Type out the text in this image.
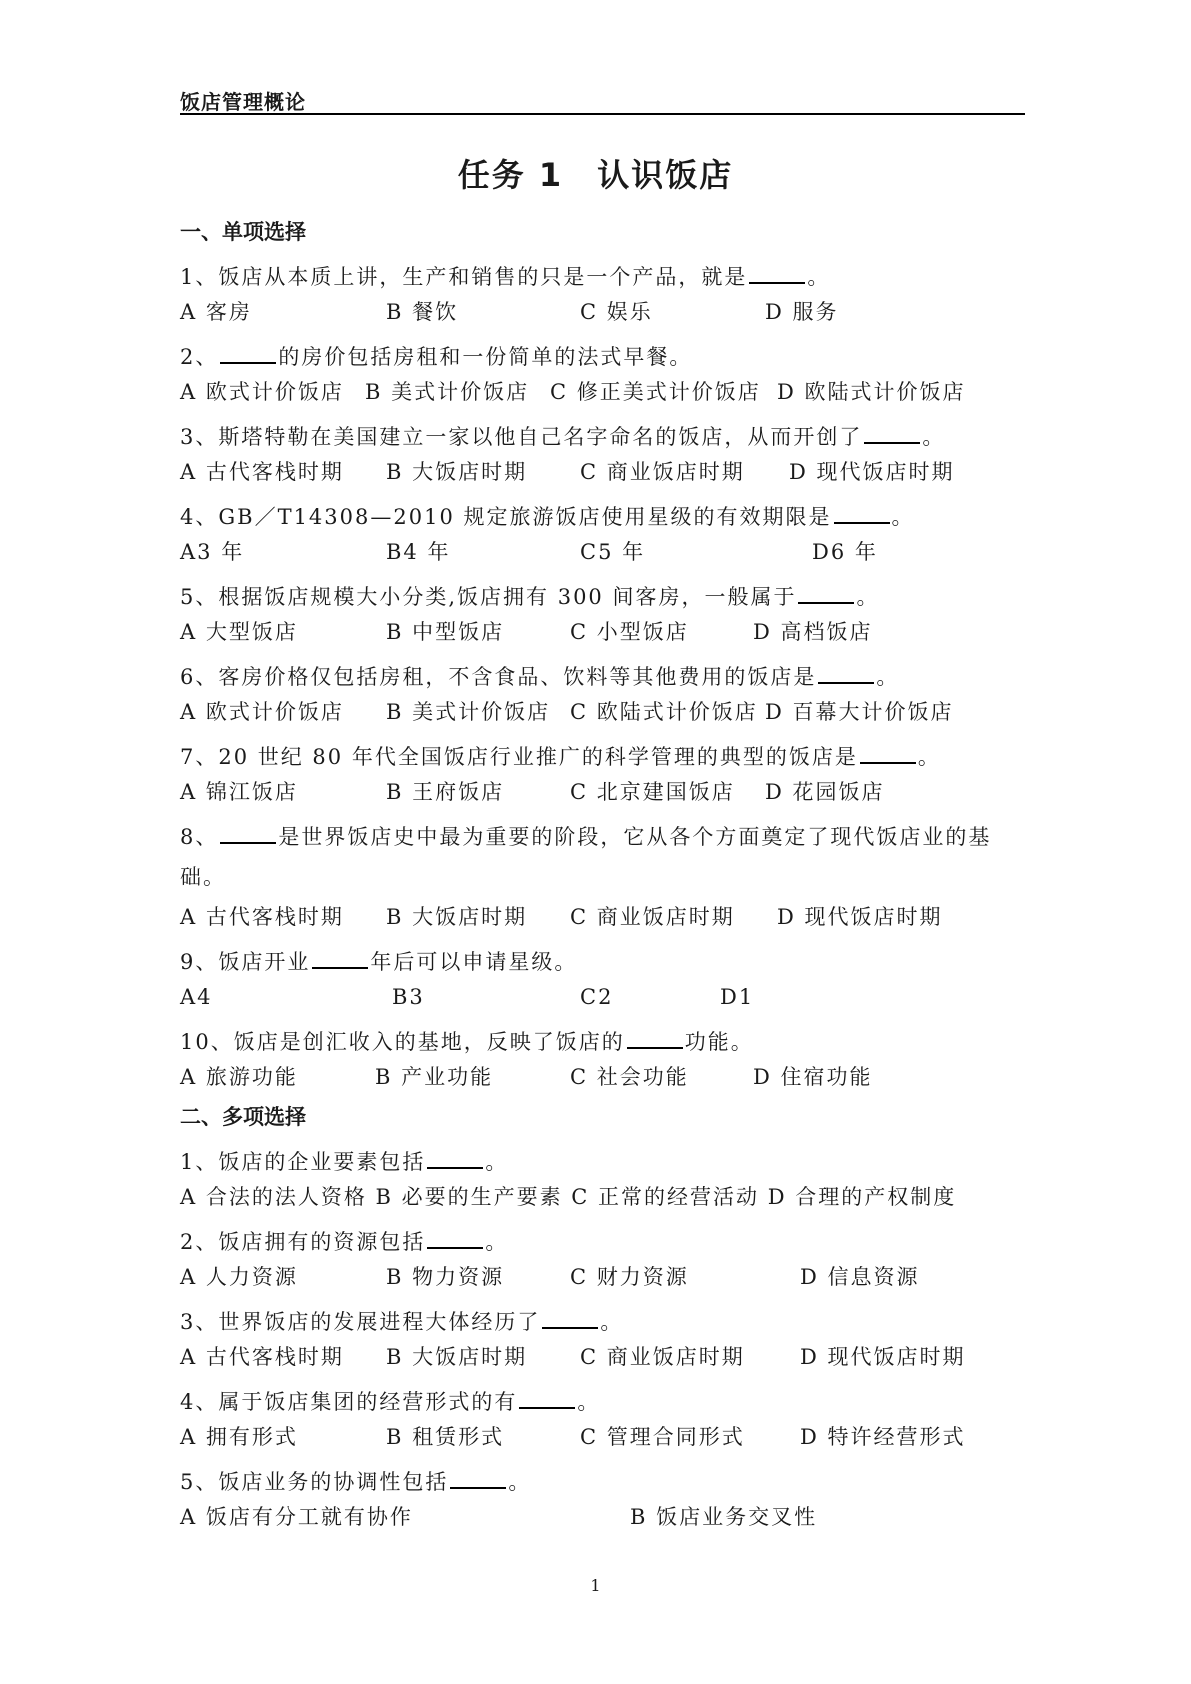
饭店管理概论
任务 1　认识饭店
一、单项选择
1、饭店从本质上讲，生产和销售的只是一个产品，就是	。
A 客房	B 餐饮	C 娱乐	D 服务
2、	的房价包括房租和一份简单的法式早餐。
A 欧式计价饭店 B 美式计价饭店 C 修正美式计价饭店 D 欧陆式计价饭店
3、斯塔特勒在美国建立一家以他自己名字命名的饭店，从而开创了	。
A 古代客栈时期 B 大饭店时期	C 商业饭店时期 D 现代饭店时期
4、GB／T14308—2010 规定旅游饭店使用星级的有效期限是	。
A3 年	B4 年	C5 年	D6 年
5、根据饭店规模大小分类,饭店拥有 300 间客房，一般属于	。
A 大型饭店	B 中型饭店	C 小型饭店	D 高档饭店
6、客房价格仅包括房租，不含食品、饮料等其他费用的饭店是	。
A 欧式计价饭店 B 美式计价饭店 C 欧陆式计价饭店 D 百幕大计价饭店
7、20 世纪 80 年代全国饭店行业推广的科学管理的典型的饭店是	。
A 锦江饭店	B 王府饭店	C 北京建国饭店 D 花园饭店
8、	是世界饭店史中最为重要的阶段，它从各个方面奠定了现代饭店业的基础。
A 古代客栈时期 B 大饭店时期 C 商业饭店时期 D 现代饭店时期
9、饭店开业	年后可以申请星级。
A4	B3	C2	D1
10、饭店是创汇收入的基地，反映了饭店的	功能。
A 旅游功能	B 产业功能	C 社会功能	D 住宿功能
二、多项选择
1、饭店的企业要素包括	。
A 合法的法人资格 B 必要的生产要素 C 正常的经营活动 D 合理的产权制度
2、饭店拥有的资源包括	。
A 人力资源	B 物力资源	C 财力资源	D 信息资源
3、世界饭店的发展进程大体经历了	。
A 古代客栈时期 B 大饭店时期	C 商业饭店时期	D 现代饭店时期
4、属于饭店集团的经营形式的有	。
A 拥有形式	B 租赁形式	C 管理合同形式	D 特许经营形式
5、饭店业务的协调性包括	。
A 饭店有分工就有协作	B 饭店业务交叉性
1
